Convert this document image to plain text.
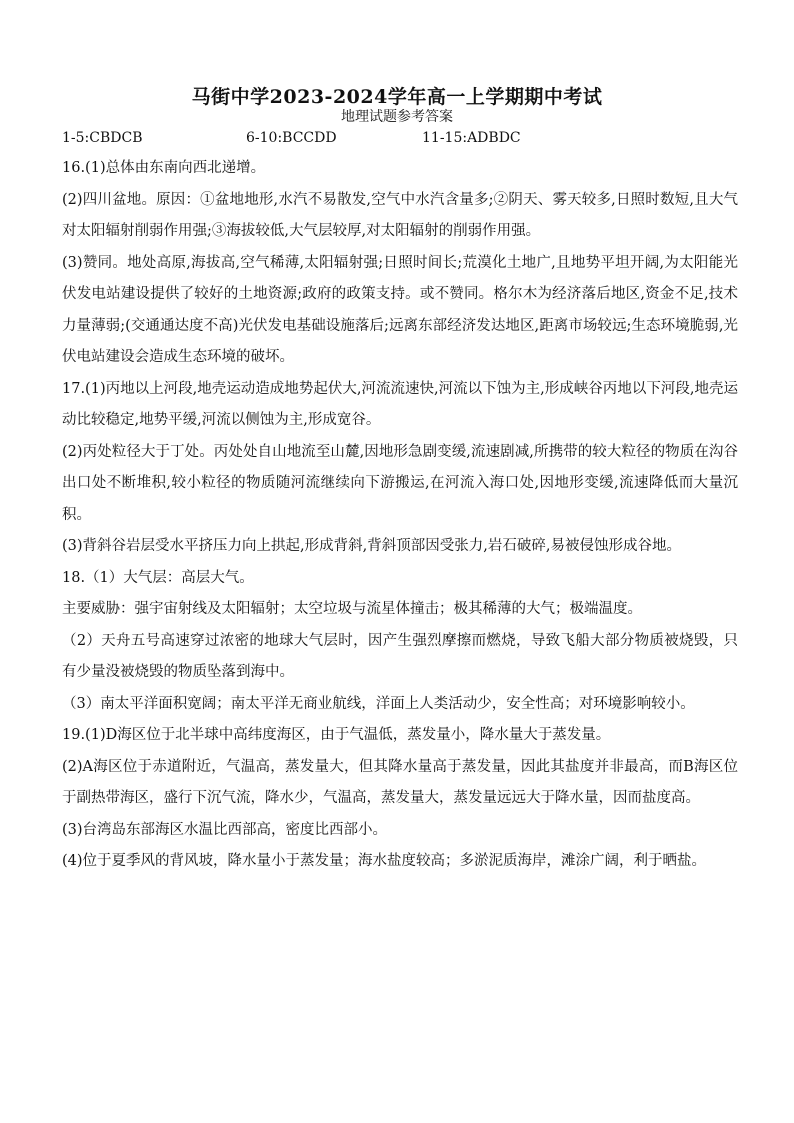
马街中学2023-2024学年高一上学期期中考试
地理试题参考答案
1-5:CBDCB	6-10:BCCDD	11-15:ADBDC

16.(1)总体由东南向西北递增。

(2)四川盆地。原因：①盆地地形,水汽不易散发,空气中水汽含量多;②阴天、雾天较多,日照时数短,且大气对太阳辐射削弱作用强;③海拔较低,大气层较厚,对太阳辐射的削弱作用强。

(3)赞同。地处高原,海拔高,空气稀薄,太阳辐射强;日照时间长;荒漠化土地广,且地势平坦开阔,为太阳能光伏发电站建设提供了较好的土地资源;政府的政策支持。或不赞同。格尔木为经济落后地区,资金不足,技术力量薄弱;(交通通达度不高)光伏发电基础设施落后;远离东部经济发达地区,距离市场较远;生态环境脆弱,光伏电站建设会造成生态环境的破坏。

17.(1)丙地以上河段,地壳运动造成地势起伏大,河流流速快,河流以下蚀为主,形成峡谷丙地以下河段,地壳运动比较稳定,地势平缓,河流以侧蚀为主,形成宽谷。

(2)丙处粒径大于丁处。丙处处自山地流至山麓,因地形急剧变缓,流速剧减,所携带的较大粒径的物质在沟谷出口处不断堆积,较小粒径的物质随河流继续向下游搬运,在河流入海口处,因地形变缓,流速降低而大量沉积。

(3)背斜谷岩层受水平挤压力向上拱起,形成背斜,背斜顶部因受张力,岩石破碎,易被侵蚀形成谷地。

18.（1）大气层：高层大气。

主要威胁：强宇宙射线及太阳辐射；太空垃圾与流星体撞击；极其稀薄的大气；极端温度。

（2）天舟五号高速穿过浓密的地球大气层时，因产生强烈摩擦而燃烧，导致飞船大部分物质被烧毁，只有少量没被烧毁的物质坠落到海中。

（3）南太平洋面积宽阔；南太平洋无商业航线，洋面上人类活动少，安全性高；对环境影响较小。

19.(1)D海区位于北半球中高纬度海区，由于气温低，蒸发量小，降水量大于蒸发量。

(2)A海区位于赤道附近，气温高，蒸发量大，但其降水量高于蒸发量，因此其盐度并非最高，而B海区位于副热带海区，盛行下沉气流，降水少，气温高，蒸发量大，蒸发量远远大于降水量，因而盐度高。

(3)台湾岛东部海区水温比西部高，密度比西部小。

(4)位于夏季风的背风坡，降水量小于蒸发量；海水盐度较高；多淤泥质海岸，滩涂广阔，利于晒盐。
